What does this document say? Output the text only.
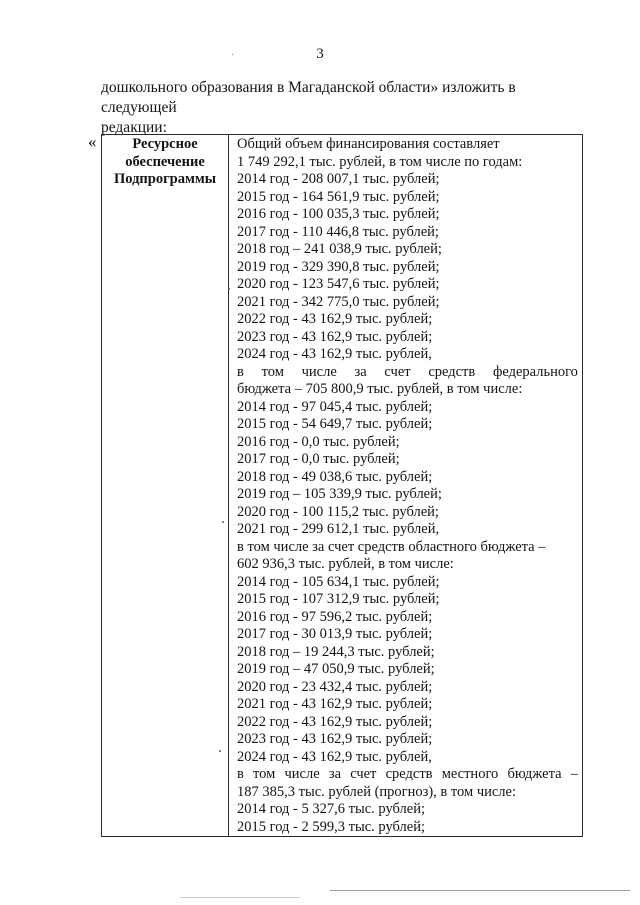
3
дошкольного образования в Магаданской области» изложить в следующей
редакции:
«	Ресурсное
обеспечение
Подпрограммы
Общий объем финансирования составляет
1 749 292,1 тыс. рублей, в том числе по годам:
2014 год - 208 007,1 тыс. рублей;
2015 год - 164 561,9 тыс. рублей;
2016 год - 100 035,3 тыс. рублей;
2017 год - 110 446,8 тыс. рублей;
2018 год – 241 038,9 тыс. рублей;
2019 год - 329 390,8 тыс. рублей;
2020 год - 123 547,6 тыс. рублей;
2021 год - 342 775,0 тыс. рублей;
2022 год - 43 162,9 тыс. рублей;
2023 год - 43 162,9 тыс. рублей;
2024 год - 43 162,9 тыс. рублей,
в том числе за счет средств федерального
бюджета – 705 800,9 тыс. рублей, в том числе:
2014 год - 97 045,4 тыс. рублей;
2015 год - 54 649,7 тыс. рублей;
2016 год - 0,0 тыс. рублей;
2017 год - 0,0 тыс. рублей;
2018 год - 49 038,6 тыс. рублей;
2019 год – 105 339,9 тыс. рублей;
2020 год - 100 115,2 тыс. рублей;
2021 год - 299 612,1 тыс. рублей,
в том числе за счет средств областного бюджета –
602 936,3 тыс. рублей, в том числе:
2014 год - 105 634,1 тыс. рублей;
2015 год - 107 312,9 тыс. рублей;
2016 год - 97 596,2 тыс. рублей;
2017 год - 30 013,9 тыс. рублей;
2018 год – 19 244,3 тыс. рублей;
2019 год – 47 050,9 тыс. рублей;
2020 год - 23 432,4 тыс. рублей;
2021 год - 43 162,9 тыс. рублей;
2022 год - 43 162,9 тыс. рублей;
2023 год - 43 162,9 тыс. рублей;
2024 год - 43 162,9 тыс. рублей,
в том числе за счет средств местного бюджета –
187 385,3 тыс. рублей (прогноз), в том числе:
2014 год - 5 327,6 тыс. рублей;
2015 год - 2 599,3 тыс. рублей;
